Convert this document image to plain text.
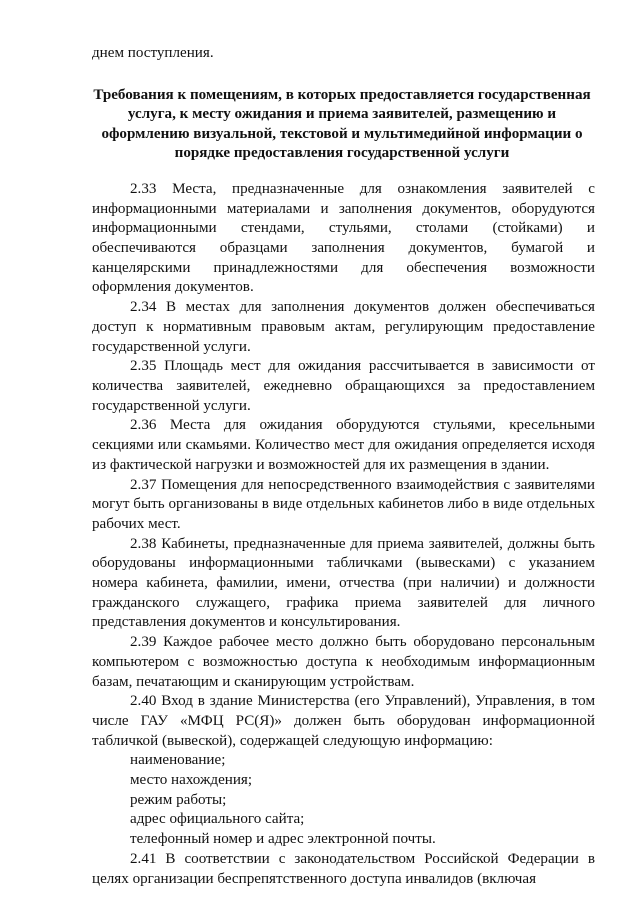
днем поступления.

Требования к помещениям, в которых предоставляется государственная услуга, к месту ожидания и приема заявителей, размещению и оформлению визуальной, текстовой и мультимедийной информации о порядке предоставления государственной услуги

2.33 Места, предназначенные для ознакомления заявителей с информационными материалами и заполнения документов, оборудуются информационными стендами, стульями, столами (стойками) и обеспечиваются образцами заполнения документов, бумагой и канцелярскими принадлежностями для обеспечения возможности оформления документов.

2.34 В местах для заполнения документов должен обеспечиваться доступ к нормативным правовым актам, регулирующим предоставление государственной услуги.

2.35 Площадь мест для ожидания рассчитывается в зависимости от количества заявителей, ежедневно обращающихся за предоставлением государственной услуги.

2.36 Места для ожидания оборудуются стульями, кресельными секциями или скамьями. Количество мест для ожидания определяется исходя из фактической нагрузки и возможностей для их размещения в здании.

2.37 Помещения для непосредственного взаимодействия с заявителями могут быть организованы в виде отдельных кабинетов либо в виде отдельных рабочих мест.

2.38 Кабинеты, предназначенные для приема заявителей, должны быть оборудованы информационными табличками (вывесками) с указанием номера кабинета, фамилии, имени, отчества (при наличии) и должности гражданского служащего, графика приема заявителей для личного представления документов и консультирования.

2.39 Каждое рабочее место должно быть оборудовано персональным компьютером с возможностью доступа к необходимым информационным базам, печатающим и сканирующим устройствам.

2.40 Вход в здание Министерства (его Управлений), Управления, в том числе ГАУ «МФЦ РС(Я)» должен быть оборудован информационной табличкой (вывеской), содержащей следующую информацию:

наименование;
место нахождения;
режим работы;
адрес официального сайта;
телефонный номер и адрес электронной почты.

2.41 В соответствии с законодательством Российской Федерации в целях организации беспрепятственного доступа инвалидов (включая
